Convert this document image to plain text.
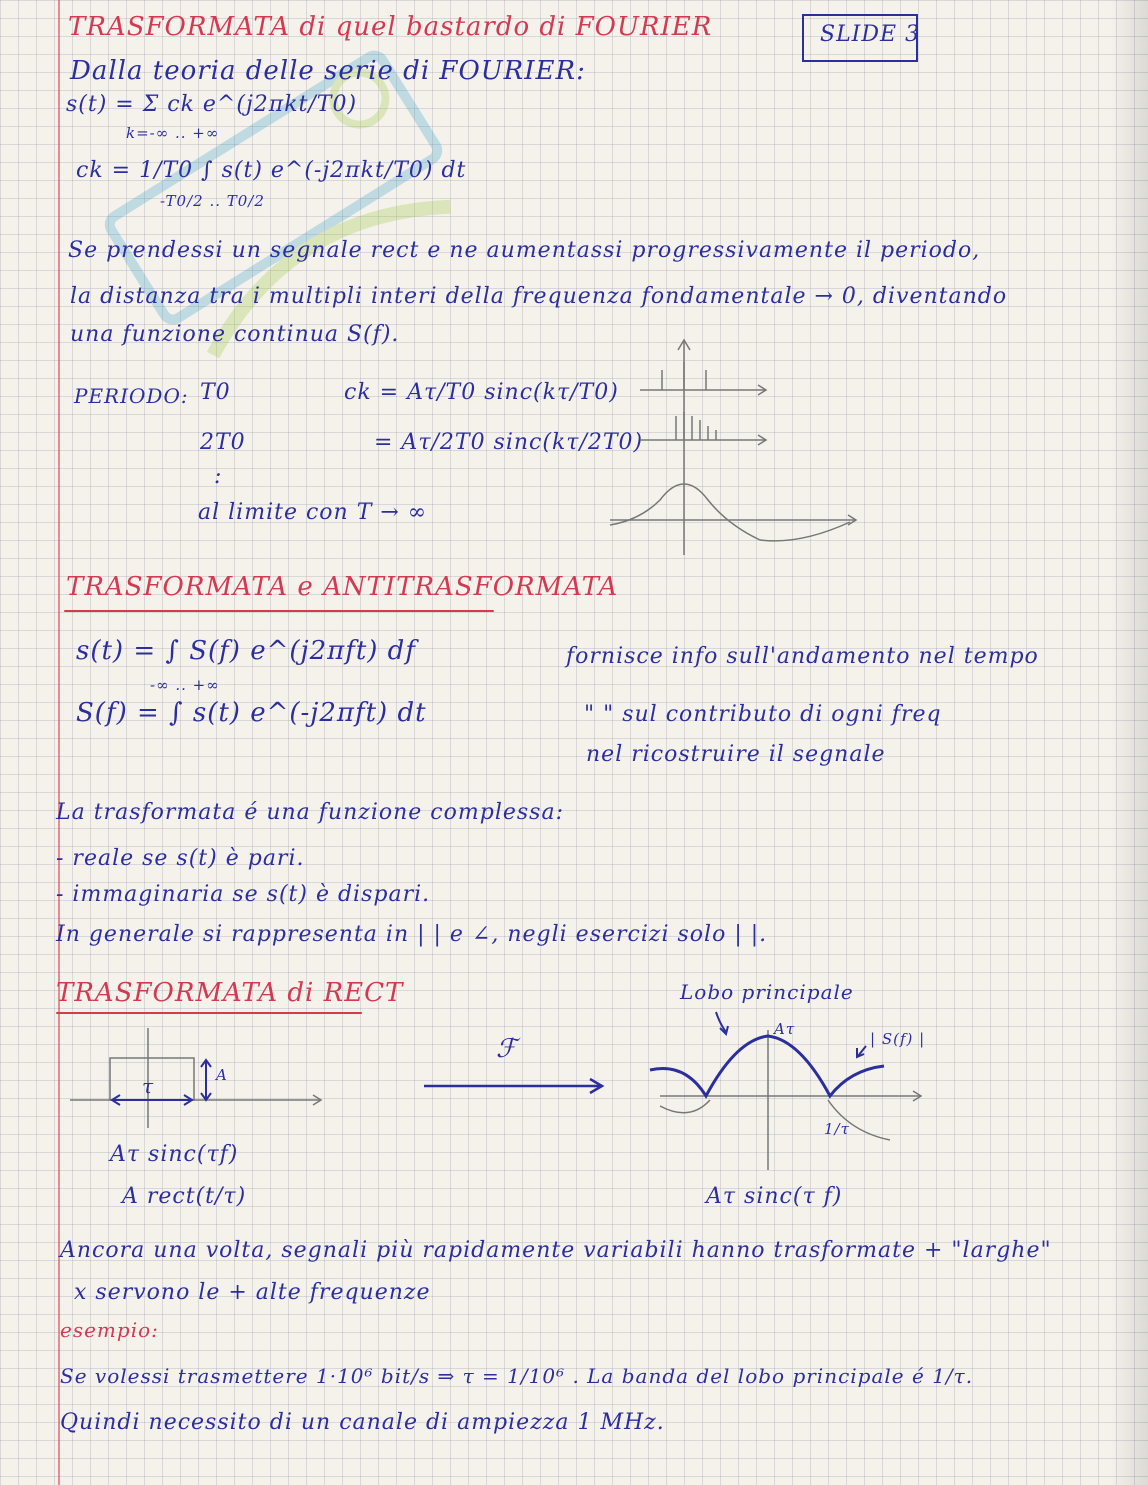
TRASFORMATA di quel bastardo di FOURIER	SLIDE 3
Dalla teoria delle serie di FOURIER:
s(t) = Σ ck e^(j2πkt/T0)
k=-∞ .. +∞
ck = 1/T0 ∫ s(t) e^(-j2πkt/T0) dt
-T0/2 .. T0/2
Se prendessi un segnale rect e ne aumentassi progressivamente il periodo,
la distanza tra i multipli interi della frequenza fondamentale → 0, diventando
una funzione continua S(f).
PERIODO: T0	ck = Aτ/T0 sinc(kτ/T0)
2T0	= Aτ/2T0 sinc(kτ/2T0)
:
al limite con T → ∞
TRASFORMATA e ANTITRASFORMATA
s(t) = ∫ S(f) e^(j2πft) df
S(f) = ∫ s(t) e^(-j2πft) dt
-∞ .. +∞
fornisce info sull'andamento nel tempo
" " sul contributo di ogni freq
nel ricostruire il segnale
La trasformata é una funzione complessa:
- reale se s(t) è pari.
- immaginaria se s(t) è dispari.
In generale si rappresenta in | | e ∠, negli esercizi solo | |.
TRASFORMATA di RECT
τ	A
Aτ sinc(τf)
A rect(t/τ)
ℱ
Lobo principale
Aτ
| S(f) |
1/τ
Aτ sinc(τ f)
Ancora una volta, segnali più rapidamente variabili hanno trasformate + "larghe"
x servono le + alte frequenze
esempio:
Se volessi trasmettere 1·10⁶ bit/s ⇒ τ = 1/10⁶ . La banda del lobo principale é 1/τ.
Quindi necessito di un canale di ampiezza 1 MHz.
